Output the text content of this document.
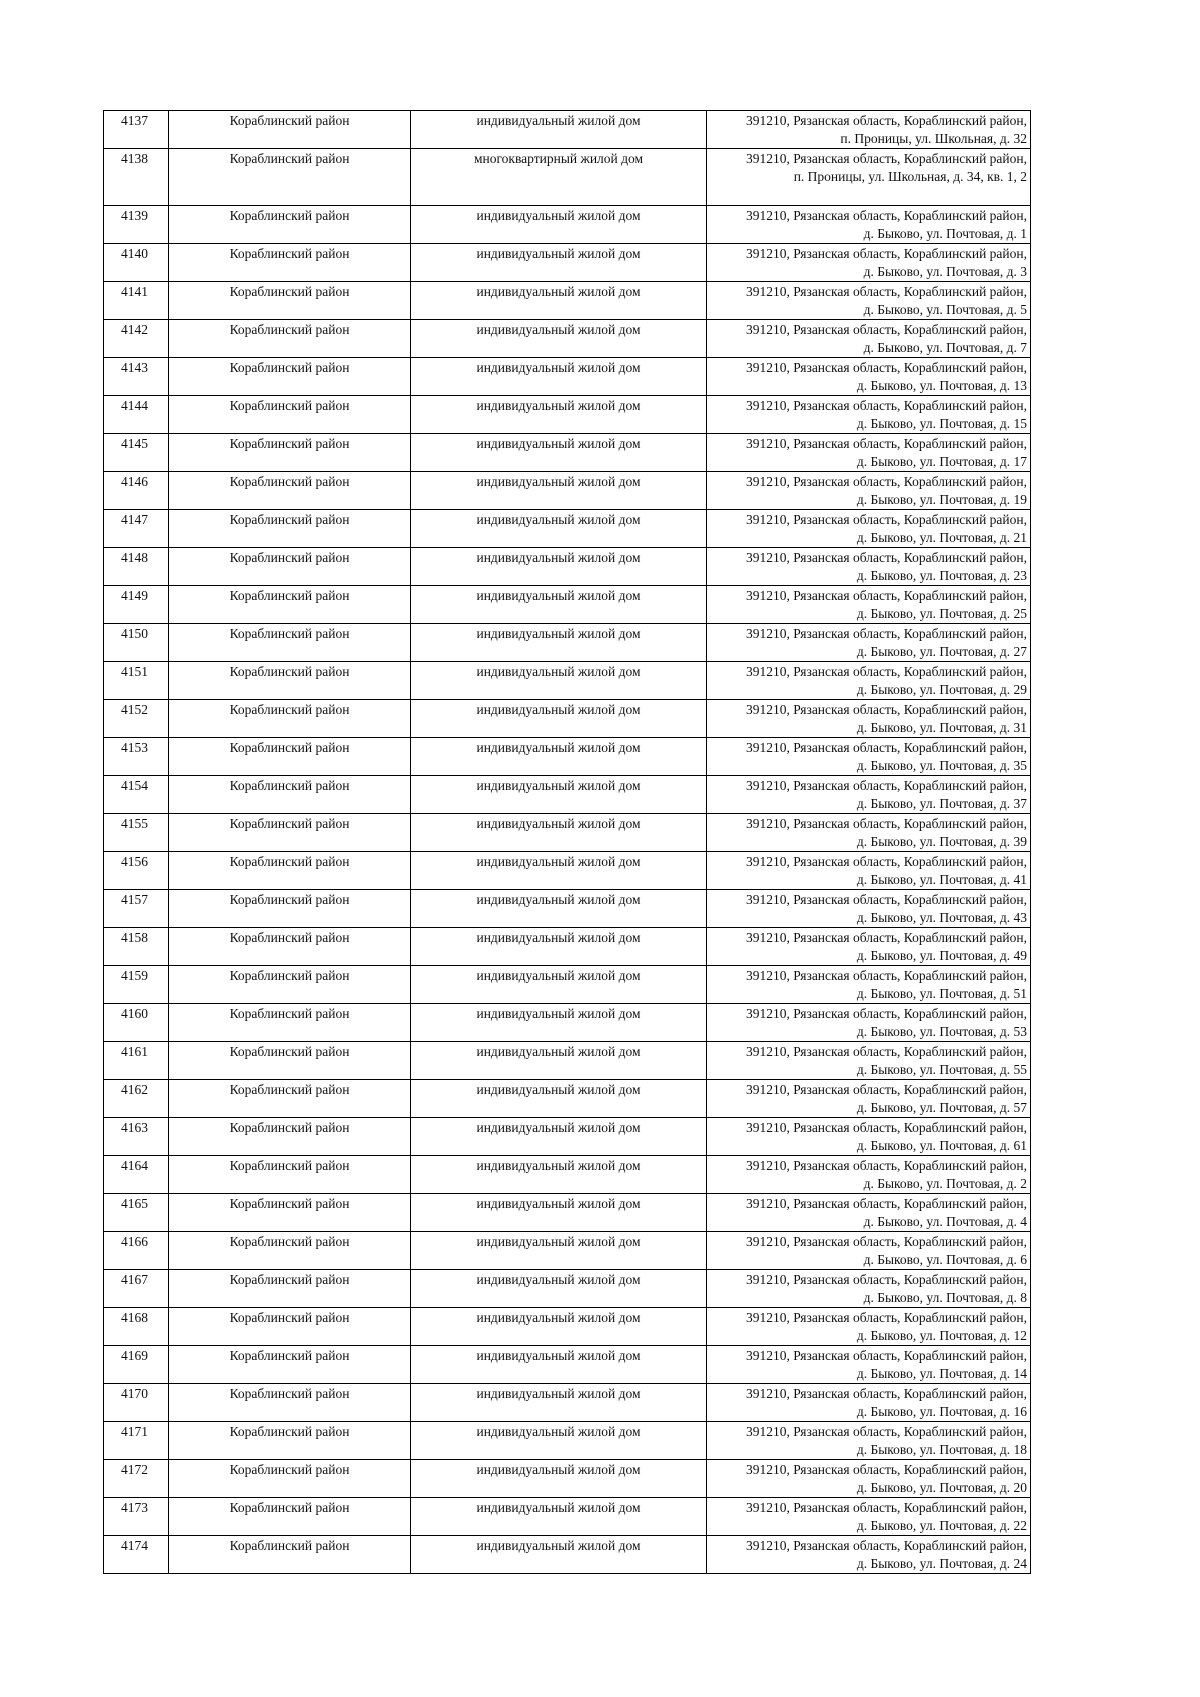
4137	Кораблинский район	индивидуальный жилой дом	391210, Рязанская область, Кораблинский район,
п. Проницы, ул. Школьная, д. 32

4138	Кораблинский район	многоквартирный жилой дом	391210, Рязанская область, Кораблинский район,
п. Проницы, ул. Школьная, д. 34, кв. 1, 2

4139	Кораблинский район	индивидуальный жилой дом	391210, Рязанская область, Кораблинский район,
д. Быково, ул. Почтовая, д. 1

4140	Кораблинский район	индивидуальный жилой дом	391210, Рязанская область, Кораблинский район,
д. Быково, ул. Почтовая, д. 3

4141	Кораблинский район	индивидуальный жилой дом	391210, Рязанская область, Кораблинский район,
д. Быково, ул. Почтовая, д. 5

4142	Кораблинский район	индивидуальный жилой дом	391210, Рязанская область, Кораблинский район,
д. Быково, ул. Почтовая, д. 7

4143	Кораблинский район	индивидуальный жилой дом	391210, Рязанская область, Кораблинский район,
д. Быково, ул. Почтовая, д. 13

4144	Кораблинский район	индивидуальный жилой дом	391210, Рязанская область, Кораблинский район,
д. Быково, ул. Почтовая, д. 15

4145	Кораблинский район	индивидуальный жилой дом	391210, Рязанская область, Кораблинский район,
д. Быково, ул. Почтовая, д. 17

4146	Кораблинский район	индивидуальный жилой дом	391210, Рязанская область, Кораблинский район,
д. Быково, ул. Почтовая, д. 19

4147	Кораблинский район	индивидуальный жилой дом	391210, Рязанская область, Кораблинский район,
д. Быково, ул. Почтовая, д. 21

4148	Кораблинский район	индивидуальный жилой дом	391210, Рязанская область, Кораблинский район,
д. Быково, ул. Почтовая, д. 23

4149	Кораблинский район	индивидуальный жилой дом	391210, Рязанская область, Кораблинский район,
д. Быково, ул. Почтовая, д. 25

4150	Кораблинский район	индивидуальный жилой дом	391210, Рязанская область, Кораблинский район,
д. Быково, ул. Почтовая, д. 27

4151	Кораблинский район	индивидуальный жилой дом	391210, Рязанская область, Кораблинский район,
д. Быково, ул. Почтовая, д. 29

4152	Кораблинский район	индивидуальный жилой дом	391210, Рязанская область, Кораблинский район,
д. Быково, ул. Почтовая, д. 31

4153	Кораблинский район	индивидуальный жилой дом	391210, Рязанская область, Кораблинский район,
д. Быково, ул. Почтовая, д. 35

4154	Кораблинский район	индивидуальный жилой дом	391210, Рязанская область, Кораблинский район,
д. Быково, ул. Почтовая, д. 37

4155	Кораблинский район	индивидуальный жилой дом	391210, Рязанская область, Кораблинский район,
д. Быково, ул. Почтовая, д. 39

4156	Кораблинский район	индивидуальный жилой дом	391210, Рязанская область, Кораблинский район,
д. Быково, ул. Почтовая, д. 41

4157	Кораблинский район	индивидуальный жилой дом	391210, Рязанская область, Кораблинский район,
д. Быково, ул. Почтовая, д. 43

4158	Кораблинский район	индивидуальный жилой дом	391210, Рязанская область, Кораблинский район,
д. Быково, ул. Почтовая, д. 49

4159	Кораблинский район	индивидуальный жилой дом	391210, Рязанская область, Кораблинский район,
д. Быково, ул. Почтовая, д. 51

4160	Кораблинский район	индивидуальный жилой дом	391210, Рязанская область, Кораблинский район,
д. Быково, ул. Почтовая, д. 53

4161	Кораблинский район	индивидуальный жилой дом	391210, Рязанская область, Кораблинский район,
д. Быково, ул. Почтовая, д. 55

4162	Кораблинский район	индивидуальный жилой дом	391210, Рязанская область, Кораблинский район,
д. Быково, ул. Почтовая, д. 57

4163	Кораблинский район	индивидуальный жилой дом	391210, Рязанская область, Кораблинский район,
д. Быково, ул. Почтовая, д. 61

4164	Кораблинский район	индивидуальный жилой дом	391210, Рязанская область, Кораблинский район,
д. Быково, ул. Почтовая, д. 2

4165	Кораблинский район	индивидуальный жилой дом	391210, Рязанская область, Кораблинский район,
д. Быково, ул. Почтовая, д. 4

4166	Кораблинский район	индивидуальный жилой дом	391210, Рязанская область, Кораблинский район,
д. Быково, ул. Почтовая, д. 6

4167	Кораблинский район	индивидуальный жилой дом	391210, Рязанская область, Кораблинский район,
д. Быково, ул. Почтовая, д. 8

4168	Кораблинский район	индивидуальный жилой дом	391210, Рязанская область, Кораблинский район,
д. Быково, ул. Почтовая, д. 12

4169	Кораблинский район	индивидуальный жилой дом	391210, Рязанская область, Кораблинский район,
д. Быково, ул. Почтовая, д. 14

4170	Кораблинский район	индивидуальный жилой дом	391210, Рязанская область, Кораблинский район,
д. Быково, ул. Почтовая, д. 16

4171	Кораблинский район	индивидуальный жилой дом	391210, Рязанская область, Кораблинский район,
д. Быково, ул. Почтовая, д. 18

4172	Кораблинский район	индивидуальный жилой дом	391210, Рязанская область, Кораблинский район,
д. Быково, ул. Почтовая, д. 20

4173	Кораблинский район	индивидуальный жилой дом	391210, Рязанская область, Кораблинский район,
д. Быково, ул. Почтовая, д. 22

4174	Кораблинский район	индивидуальный жилой дом	391210, Рязанская область, Кораблинский район,
д. Быково, ул. Почтовая, д. 24
